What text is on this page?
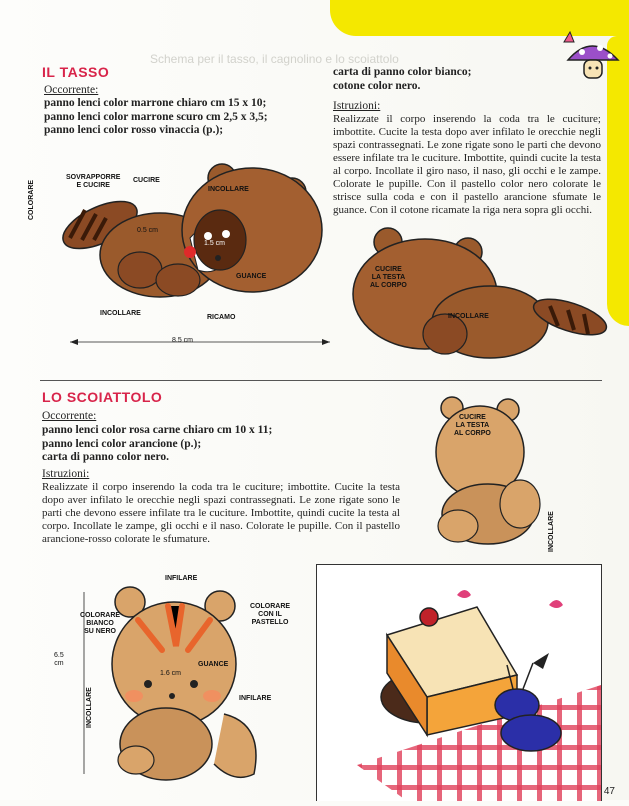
Schema per il tasso, il cagnolino e lo scoiattolo
IL TASSO
Occorrente:
panno lenci color marrone chiaro cm 15 x 10;
panno lenci color marrone scuro cm 2,5 x 3,5;
panno lenci color rosso vinaccia (p.);
carta di panno color bianco;
cotone color nero.
Istruzioni:
Realizzate il corpo inserendo la coda tra le cuciture; imbottite. Cucite la testa dopo aver infilato le orecchie negli spazi contrassegnati. Le zone rigate sono le parti che devono essere infilate tra le cuciture. Imbottite, quindi cucite la testa al corpo. Incollate il giro naso, il naso, gli occhi e le zampe. Colorate le pupille. Con il pastello color nero colorate le strisce sulla coda e con il pastello arancione sfumate le guance. Con il cotone ricamate la riga nera sopra gli occhi.
SOVRAPPORRE
E CUCIRE
CUCIRE
INCOLLARE
COLORARE
0.5 cm
1.5 cm
GUANCE
INCOLLARE
RICAMO
8.5 cm
CUCIRE
LA TESTA
AL CORPO
INCOLLARE
LO SCOIATTOLO
Occorrente:
panno lenci color rosa carne chiaro cm 10 x 11;
panno lenci color arancione (p.);
carta di panno color nero.
Istruzioni:
Realizzate il corpo inserendo la coda tra le cuciture; imbottite. Cucite la testa dopo aver infilato le orecchie negli spazi contrassegnati. Le zone rigate sono le parti che devono essere infilate tra le cuciture. Imbottite, quindi cucite la testa al corpo. Incollate le zampe, gli occhi e il naso. Colorate le pupille. Con il pastello arancione-rosso colorate le sfumature.
CUCIRE
LA TESTA
AL CORPO
INCOLLARE
INFILARE
COLORARE
BIANCO
SU NERO
COLORARE
CON IL
PASTELLO
6.5
cm
1.6 cm
GUANCE
INCOLLARE	INFILARE
47
